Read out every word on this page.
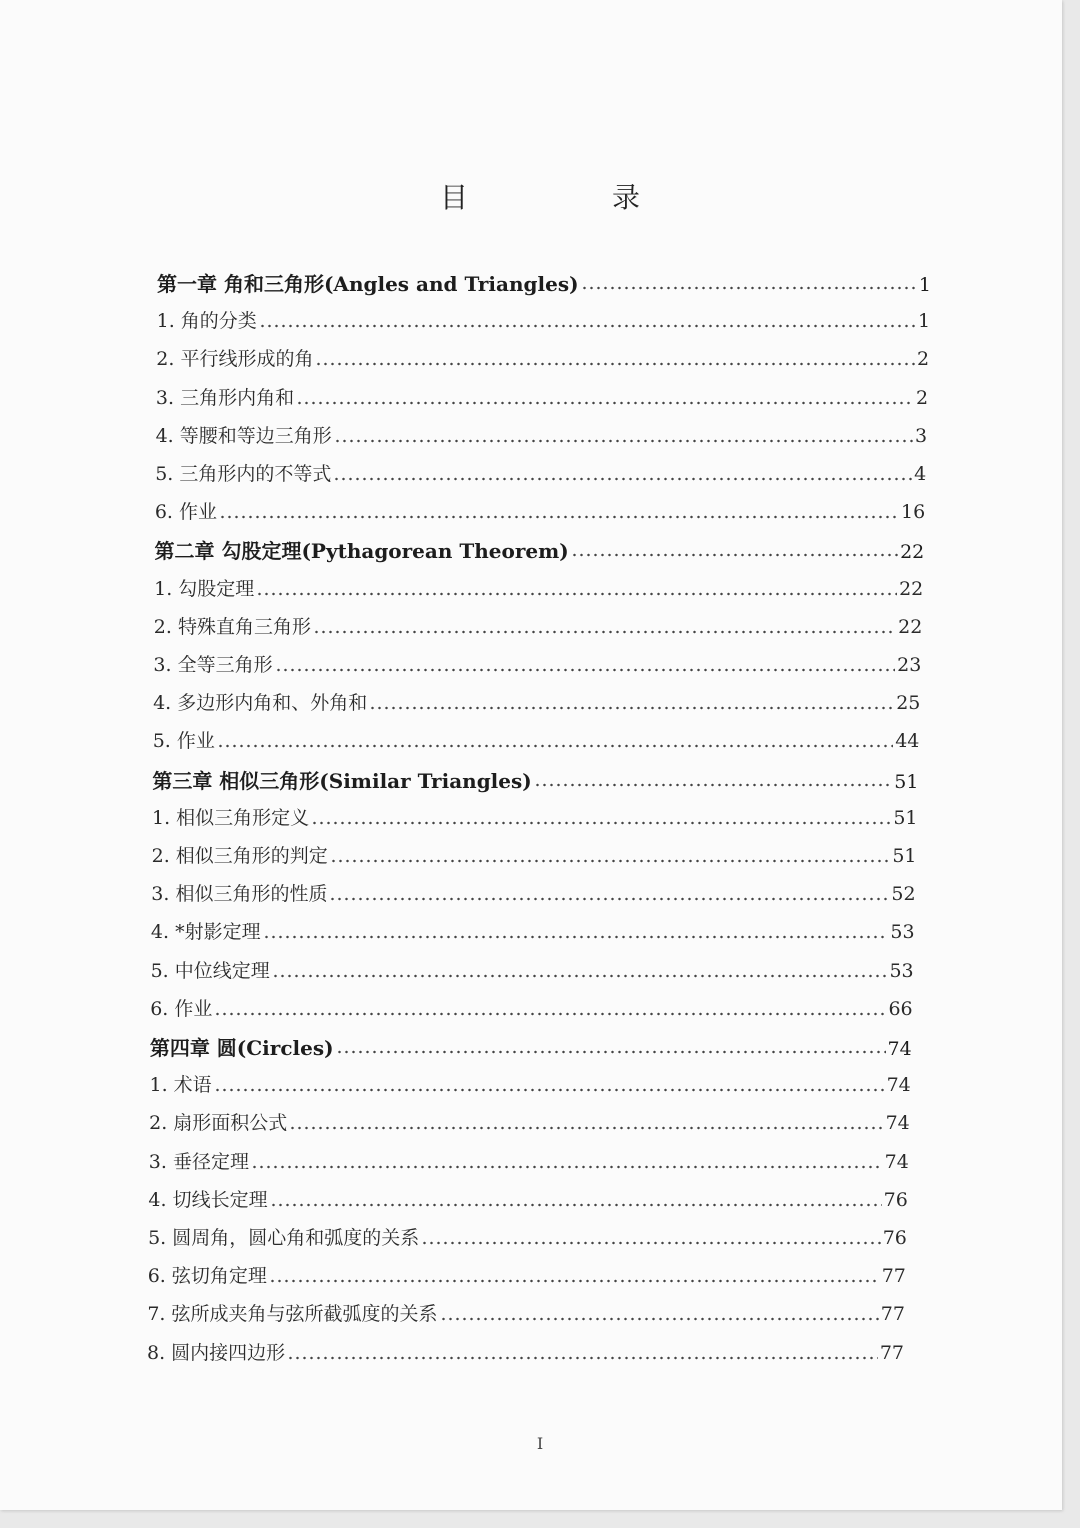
目　录
第一章 角和三角形(Angles and Triangles)	1
1. 角的分类	1
2. 平行线形成的角	2
3. 三角形内角和	2
4. 等腰和等边三角形	3
5. 三角形内的不等式	4
6. 作业	16
第二章 勾股定理(Pythagorean Theorem)	22
1. 勾股定理	22
2. 特殊直角三角形	22
3. 全等三角形	23
4. 多边形内角和、外角和	25
5. 作业	44
第三章 相似三角形(Similar Triangles)	51
1. 相似三角形定义	51
2. 相似三角形的判定	51
3. 相似三角形的性质	52
4. *射影定理	53
5. 中位线定理	53
6. 作业	66
第四章 圆(Circles)	74
1. 术语	74
2. 扇形面积公式	74
3. 垂径定理	74
4. 切线长定理	76
5. 圆周角，圆心角和弧度的关系	76
6. 弦切角定理	77
7. 弦所成夹角与弦所截弧度的关系	77
8. 圆内接四边形	77
I
